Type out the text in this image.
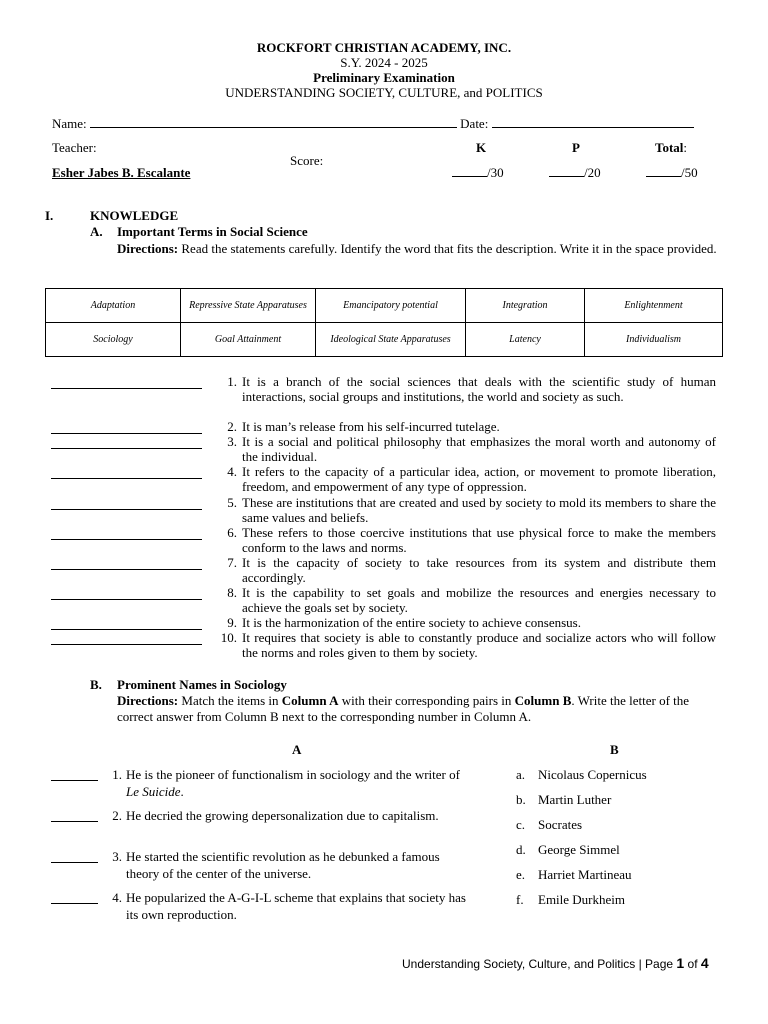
ROCKFORT CHRISTIAN ACADEMY, INC.
S.Y. 2024 - 2025
Preliminary Examination
UNDERSTANDING SOCIETY, CULTURE, and POLITICS
Name:	Date:
Teacher:
Esher Jabes B. Escalante
Score:
K	P	Total:
/30	/20	/50
I.	KNOWLEDGE
A. Important Terms in Social Science
Directions: Read the statements carefully. Identify the word that fits the description. Write it in the space provided.
Adaptation	Repressive State Apparatuses	Emancipatory potential	Integration	Enlightenment
Sociology	Goal Attainment	Ideological State Apparatuses	Latency	Individualism
1. It is a branch of the social sciences that deals with the scientific study of human interactions, social groups and institutions, the world and society as such.
2. It is man’s release from his self-incurred tutelage.
3. It is a social and political philosophy that emphasizes the moral worth and autonomy of the individual.
4. It refers to the capacity of a particular idea, action, or movement to promote liberation, freedom, and empowerment of any type of oppression.
5. These are institutions that are created and used by society to mold its members to share the same values and beliefs.
6. These refers to those coercive institutions that use physical force to make the members conform to the laws and norms.
7. It is the capacity of society to take resources from its system and distribute them accordingly.
8. It is the capability to set goals and mobilize the resources and energies necessary to achieve the goals set by society.
9. It is the harmonization of the entire society to achieve consensus.
10. It requires that society is able to constantly produce and socialize actors who will follow the norms and roles given to them by society.
B. Prominent Names in Sociology
Directions: Match the items in Column A with their corresponding pairs in Column B. Write the letter of the correct answer from Column B next to the corresponding number in Column A.
A	B
1. He is the pioneer of functionalism in sociology and the writer of Le Suicide.
2. He decried the growing depersonalization due to capitalism.
3. He started the scientific revolution as he debunked a famous theory of the center of the universe.
4. He popularized the A-G-I-L scheme that explains that society has its own reproduction.
a. Nicolaus Copernicus
b. Martin Luther
c. Socrates
d. George Simmel
e. Harriet Martineau
f. Emile Durkheim
Understanding Society, Culture, and Politics | Page 1 of 4
